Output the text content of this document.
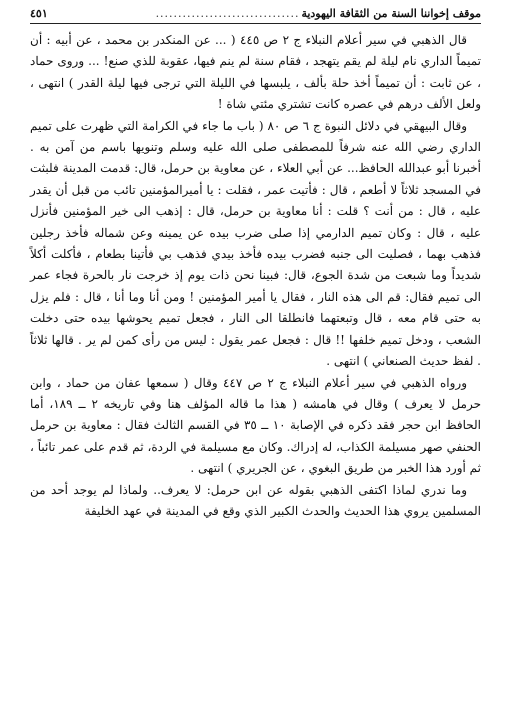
موقف إخواننا السنة من الثقافة اليهودية
................................
٤٥١

قال الذهبي في سير أعلام النبلاء ج ٢ ص ٤٤٥ ( ... عن المنكدر بن محمد ، عن أبيه : أن تميماً الداري نام ليلة لم يقم يتهجد ، فقام سنة لم ينم فيها، عقوبة للذي صنع! ... وروى حماد ، عن ثابت : أن تميماً أخذ حلة بألف ، يلبسها في الليلة التي ترجى فيها ليلة القدر ) انتهى ، ولعل الألف درهم في عصره كانت تشتري مئتي شاة !

وقال البيهقي في دلائل النبوة ج ٦ ص ٨٠ ( باب ما جاء في الكرامة التي ظهرت على تميم الداري رضي الله عنه شرفاً للمصطفى صلى الله عليه وسلم وتنويها باسم من آمن به . أخبرنا أبو عبدالله الحافظ... عن أبي العلاء ، عن معاوية بن حرمل، قال: قدمت المدينة فلبثت في المسجد ثلاثاً لا أطعم ، قال : فأتيت عمر ، فقلت : يا أميرالمؤمنين تائب من قبل أن يقدر عليه ، قال : من أنت ؟ قلت : أنا معاوية بن حرمل، قال : إذهب الى خير المؤمنين فأنزل عليه ، قال : وكان تميم الدارمي إذا صلى ضرب بيده عن يمينه وعن شماله فأخذ رجلين فذهب بهما ، فصليت الى جنبه فضرب بيده فأخذ بيدي فذهب بي فأتينا بطعام ، فأكلت أكلاً شديداً وما شبعت من شدة الجوع، قال: فبينا نحن ذات يوم إذ خرجت نار بالحرة فجاء عمر الى تميم فقال: قم الى هذه النار ، فقال يا أمير المؤمنين ! ومن أنا وما أنا ، قال : فلم يزل به حتى قام معه ، قال وتبعتهما فانطلقا الى النار ، فجعل تميم يحوشها بيده حتى دخلت الشعب ، ودخل تميم خلفها !! قال : فجعل عمر يقول : ليس من رأى كمن لم ير . قالها ثلاثاً . لفظ حديث الصنعاني ) انتهى .

ورواه الذهبي في سير أعلام النبلاء ج ٢ ص ٤٤٧ وقال ( سمعها عفان من حماد ، وابن حرمل لا يعرف ) وقال في هامشه ( هذا ما قاله المؤلف هنا وفي تاريخه ٢ ــ ١٨٩، أما الحافظ ابن حجر فقد ذكره في الإصابة ١٠ ــ ٣٥ في القسم الثالث فقال : معاوية بن حرمل الحنفي صهر مسيلمة الكذاب، له إدراك. وكان مع مسيلمة في الردة، ثم قدم على عمر تائباً ، ثم أورد هذا الخبر من طريق البغوي ، عن الجريري ) انتهى .

وما ندري لماذا اكتفى الذهبي بقوله عن ابن حرمل: لا يعرف.. ولماذا لم يوجد أحد من المسلمين يروي هذا الحديث والحدث الكبير الذي وقع في المدينة في عهد الخليفة
